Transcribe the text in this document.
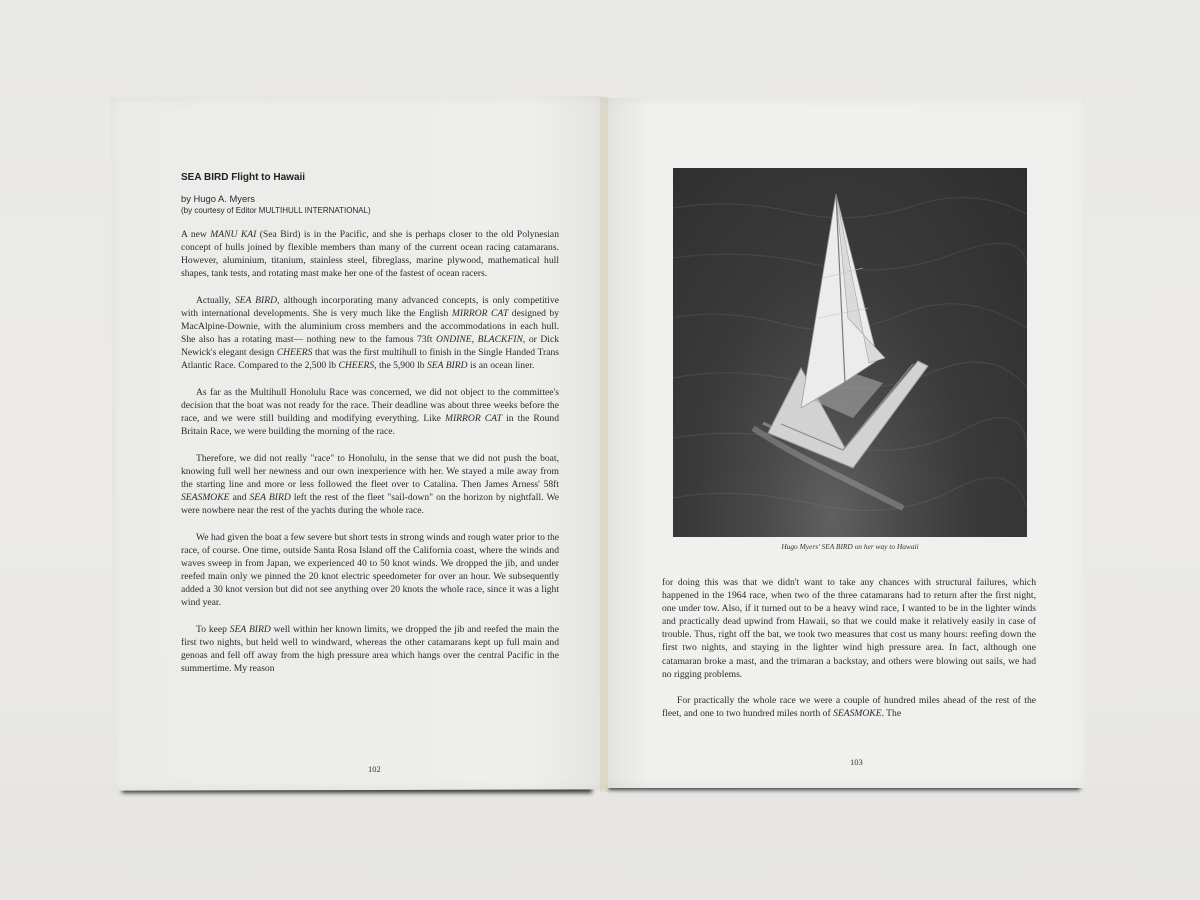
SEA BIRD Flight to Hawaii
by Hugo A. Myers
(by courtesy of Editor MULTIHULL INTERNATIONAL)

A new MANU KAI (Sea Bird) is in the Pacific, and she is perhaps closer to the old Polynesian concept of hulls joined by flexible members than many of the current ocean racing catamarans. However, aluminium, titanium, stainless steel, fibreglass, marine plywood, mathematical hull shapes, tank tests, and rotating mast make her one of the fastest of ocean racers.

Actually, SEA BIRD, although incorporating many advanced concepts, is only competitive with international developments. She is very much like the English MIRROR CAT designed by MacAlpine-Downie, with the aluminium cross members and the accommodations in each hull. She also has a rotating mast— nothing new to the famous 73ft ONDINE, BLACKFIN, or Dick Newick's elegant design CHEERS that was the first multihull to finish in the Single Handed Trans Atlantic Race. Compared to the 2,500 lb CHEERS, the 5,900 lb SEA BIRD is an ocean liner.

As far as the Multihull Honolulu Race was concerned, we did not object to the committee's decision that the boat was not ready for the race. Their deadline was about three weeks before the race, and we were still building and modifying everything. Like MIRROR CAT in the Round Britain Race, we were building the morning of the race.

Therefore, we did not really "race" to Honolulu, in the sense that we did not push the boat, knowing full well her newness and our own inexperience with her. We stayed a mile away from the starting line and more or less followed the fleet over to Catalina. Then James Arness' 58ft SEASMOKE and SEA BIRD left the rest of the fleet "sail-down" on the horizon by nightfall. We were nowhere near the rest of the yachts during the whole race.

We had given the boat a few severe but short tests in strong winds and rough water prior to the race, of course. One time, outside Santa Rosa Island off the California coast, where the winds and waves sweep in from Japan, we experienced 40 to 50 knot winds. We dropped the jib, and under reefed main only we pinned the 20 knot electric speedometer for over an hour. We subsequently added a 30 knot version but did not see anything over 20 knots the whole race, since it was a light wind year.

To keep SEA BIRD well within her known limits, we dropped the jib and reefed the main the first two nights, but held well to windward, whereas the other catamarans kept up full main and genoas and fell off away from the high pressure area which hangs over the central Pacific in the summertime. My reason

102
Hugo Myers' SEA BIRD on her way to Hawaii

for doing this was that we didn't want to take any chances with structural failures, which happened in the 1964 race, when two of the three catamarans had to return after the first night, one under tow. Also, if it turned out to be a heavy wind race, I wanted to be in the lighter winds and practically dead upwind from Hawaii, so that we could make it relatively easily in case of trouble. Thus, right off the bat, we took two measures that cost us many hours: reefing down the first two nights, and staying in the lighter wind high pressure area. In fact, although one catamaran broke a mast, and the trimaran a backstay, and others were blowing out sails, we had no rigging problems.

For practically the whole race we were a couple of hundred miles ahead of the rest of the fleet, and one to two hundred miles north of SEASMOKE. The

103
